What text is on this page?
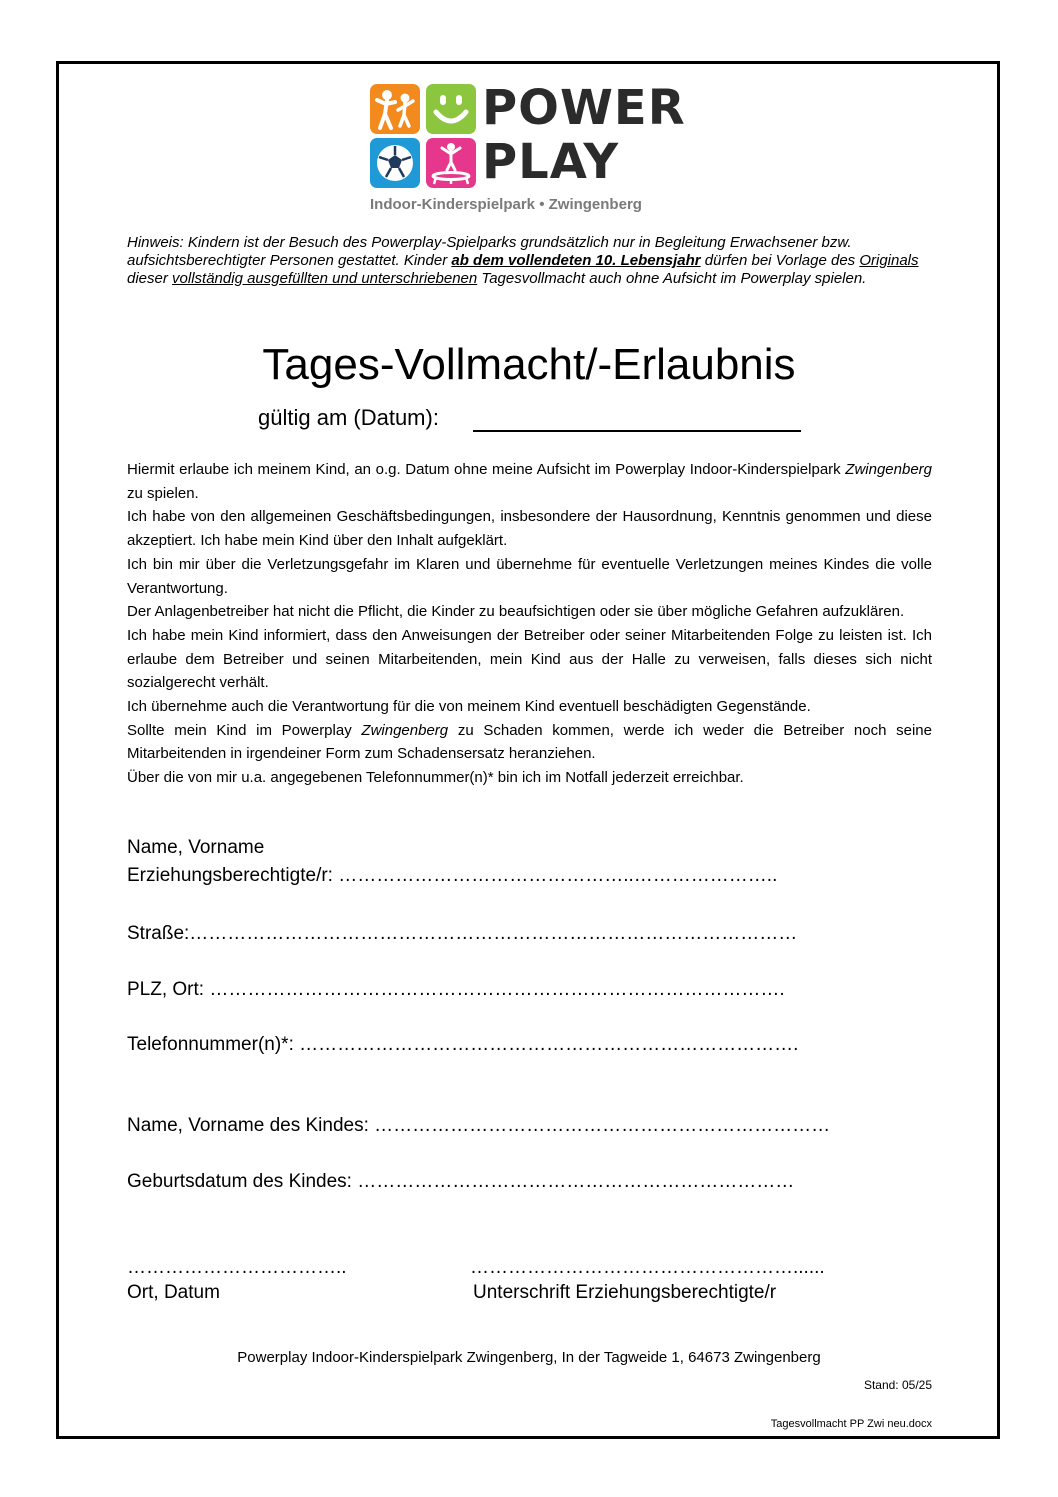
POWER
PLAY
Indoor-Kinderspielpark • Zwingenberg
Hinweis: Kindern ist der Besuch des Powerplay-Spielparks grundsätzlich nur in Begleitung Erwachsener bzw. aufsichtsberechtigter Personen gestattet. Kinder ab dem vollendeten 10. Lebensjahr dürfen bei Vorlage des Originals dieser vollständig ausgefüllten und unterschriebenen Tagesvollmacht auch ohne Aufsicht im Powerplay spielen.
Tages-Vollmacht/-Erlaubnis
gültig am (Datum):

Hiermit erlaube ich meinem Kind, an o.g. Datum ohne meine Aufsicht im Powerplay Indoor-Kinderspielpark Zwingenberg zu spielen.

Ich habe von den allgemeinen Geschäftsbedingungen, insbesondere der Hausordnung, Kenntnis genommen und diese akzeptiert. Ich habe mein Kind über den Inhalt aufgeklärt.

Ich bin mir über die Verletzungsgefahr im Klaren und übernehme für eventuelle Verletzungen meines Kindes die volle Verantwortung.

Der Anlagenbetreiber hat nicht die Pflicht, die Kinder zu beaufsichtigen oder sie über mögliche Gefahren aufzuklären.

Ich habe mein Kind informiert, dass den Anweisungen der Betreiber oder seiner Mitarbeitenden Folge zu leisten ist. Ich erlaube dem Betreiber und seinen Mitarbeitenden, mein Kind aus der Halle zu verweisen, falls dieses sich nicht sozialgerecht verhält.

Ich übernehme auch die Verantwortung für die von meinem Kind eventuell beschädigten Gegenstände.

Sollte mein Kind im Powerplay Zwingenberg zu Schaden kommen, werde ich weder die Betreiber noch seine Mitarbeitenden in irgendeiner Form zum Schadensersatz heranziehen.

Über die von mir u.a. angegebenen Telefonnummer(n)* bin ich im Notfall jederzeit erreichbar.

Name, Vorname
Erziehungsberechtigte/r: ………………………………………..…………………..
Straße:……………………………………………………………………………………
PLZ, Ort: ……………………………………………………………………………….
Telefonnummer(n)*: …………………………………………………………………….
Name, Vorname des Kindes: ………………………………………………………………
Geburtsdatum des Kindes: ……………………………………………………………
……………………………..	……………………………………………......
Ort, Datum	Unterschrift Erziehungsberechtigte/r
Powerplay Indoor-Kinderspielpark Zwingenberg, In der Tagweide 1, 64673 Zwingenberg
Stand: 05/25
Tagesvollmacht PP Zwi neu.docx
